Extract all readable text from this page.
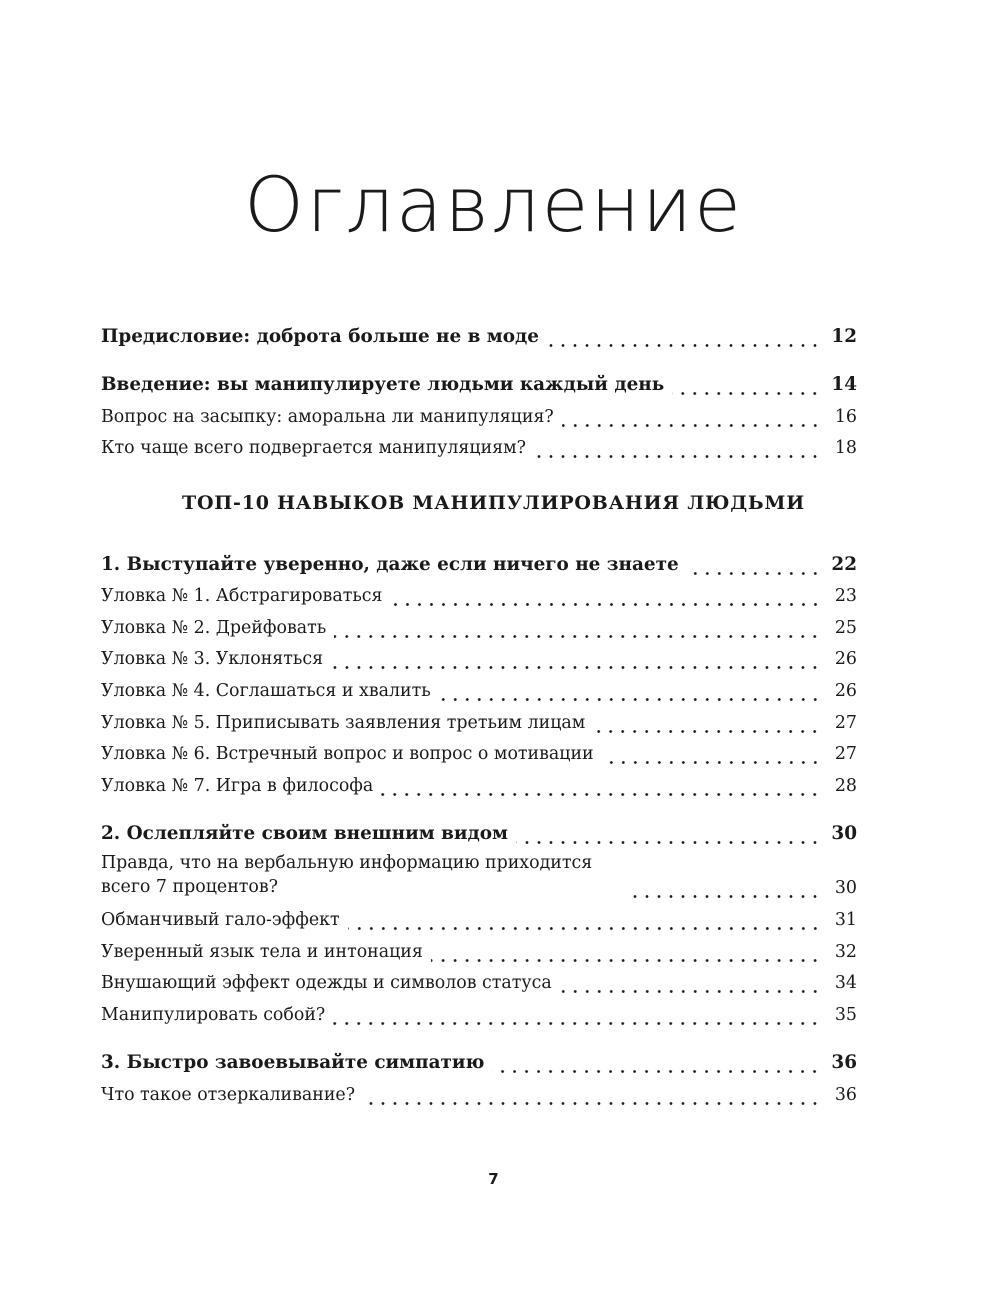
Оглавление
Предисловие: доброта больше не в моде	12
Введение: вы манипулируете людьми каждый день	14
Вопрос на засыпку: аморальна ли манипуляция?	16
Кто чаще всего подвергается манипуляциям?	18
ТОП-10 НАВЫКОВ МАНИПУЛИРОВАНИЯ ЛЮДЬМИ
1. Выступайте уверенно, даже если ничего не знаете	22
Уловка № 1. Абстрагироваться	23
Уловка № 2. Дрейфовать	25
Уловка № 3. Уклоняться	26
Уловка № 4. Соглашаться и хвалить	26
Уловка № 5. Приписывать заявления третьим лицам	27
Уловка № 6. Встречный вопрос и вопрос о мотивации	27
Уловка № 7. Игра в философа	28
2. Ослепляйте своим внешним видом	30
Правда, что на вербальную информацию приходится всего 7 процентов?	30
Обманчивый гало-эффект	31
Уверенный язык тела и интонация	32
Внушающий эффект одежды и символов статуса	34
Манипулировать собой?	35
3. Быстро завоевывайте симпатию	36
Что такое отзеркаливание?	36
7
